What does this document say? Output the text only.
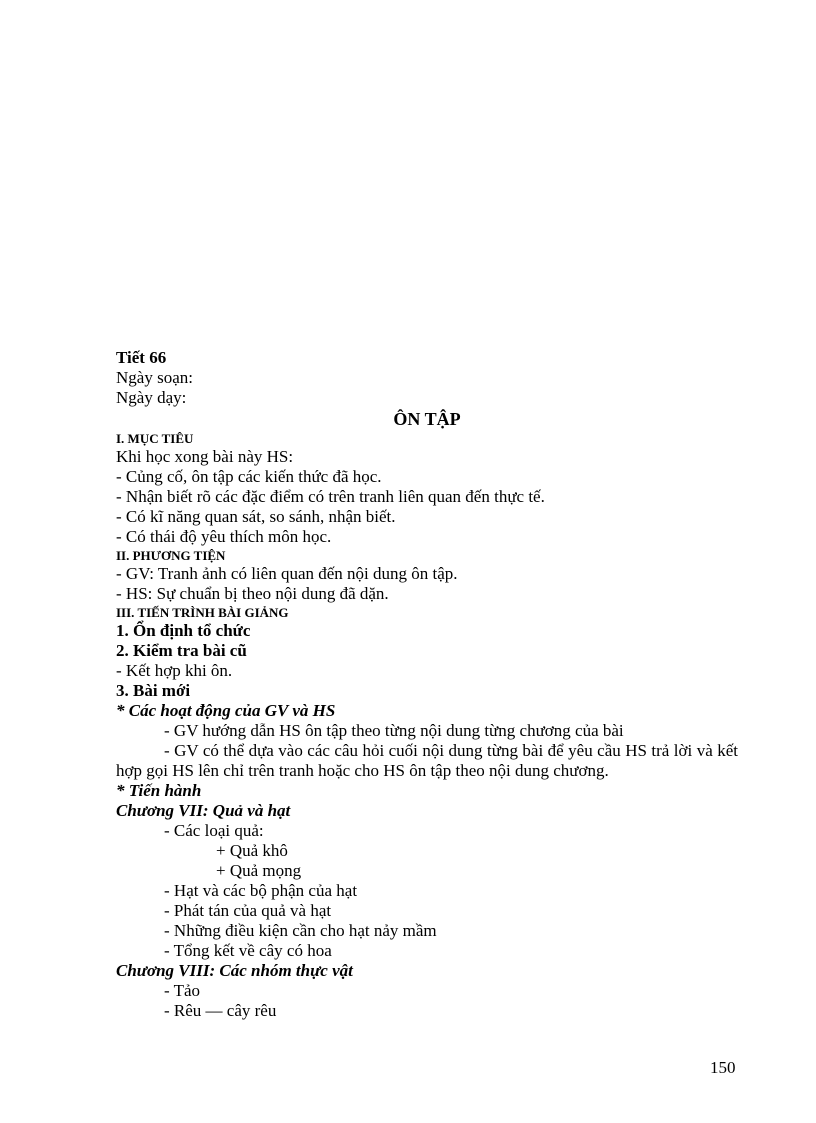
Tiết 66
Ngày soạn:
Ngày dạy:
ÔN TẬP
I. MỤC TIÊU
Khi học xong bài này HS:
- Củng cố, ôn tập các kiến thức đã học.
- Nhận biết rõ các đặc điểm có trên tranh liên quan đến thực tế.
- Có kĩ năng quan sát, so sánh, nhận biết.
- Có thái độ yêu thích môn học.
II. PHƯƠNG TIỆN
- GV: Tranh ảnh có liên quan đến nội dung ôn tập.
- HS: Sự chuẩn bị theo nội dung đã dặn.
III. TIẾN TRÌNH BÀI GIẢNG
1. Ổn định tổ chức
2. Kiểm tra bài cũ
- Kết hợp khi ôn.
3. Bài mới
* Các hoạt động của GV và HS
- GV hướng dẫn HS ôn tập theo từng nội dung từng chương của bài
- GV có thể dựa vào các câu hỏi cuối nội dung từng bài để yêu cầu HS trả lời và kết hợp gọi HS lên chỉ trên tranh hoặc cho HS ôn tập theo nội dung chương.
* Tiến hành
Chương VII: Quả và hạt
- Các loại quả:
+ Quả khô
+ Quả mọng
- Hạt và các bộ phận của hạt
- Phát tán của quả và hạt
- Những điều kiện cần cho hạt nảy mầm
- Tổng kết về cây có hoa
Chương VIII: Các nhóm thực vật
- Tảo
- Rêu — cây rêu
150
